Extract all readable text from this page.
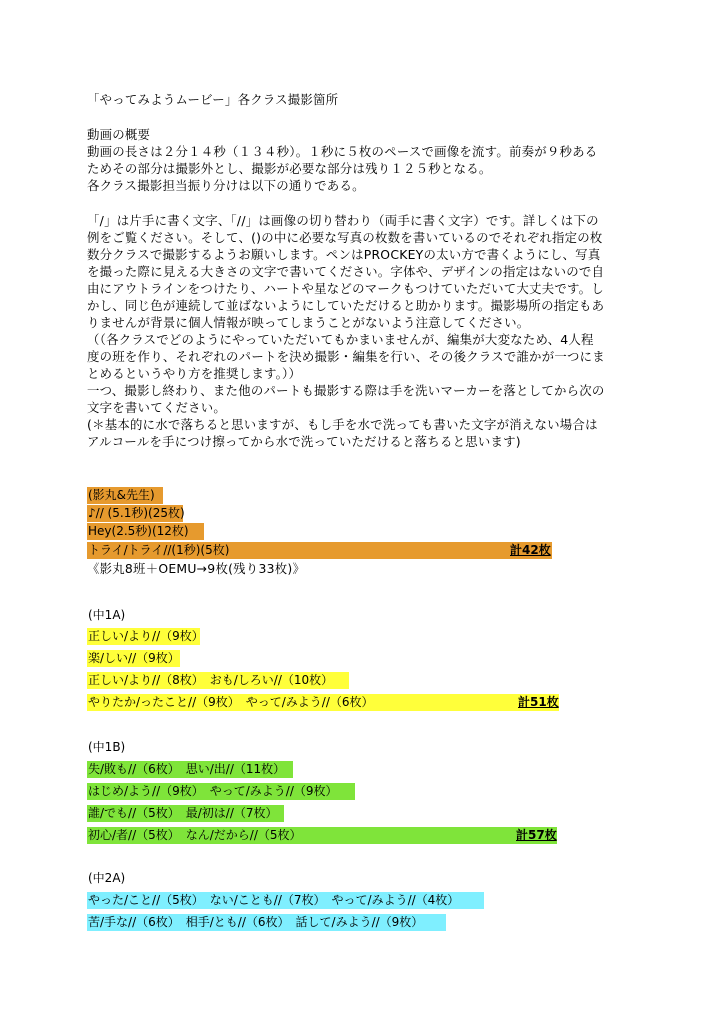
「やってみようムービー」各クラス撮影箇所
動画の概要
動画の長さは２分１４秒（１３４秒）。１秒に５枚のペースで画像を流す。前奏が９秒ある
ためその部分は撮影外とし、撮影が必要な部分は残り１２５秒となる。
各クラス撮影担当振り分けは以下の通りである。
「/」は片手に書く文字、「//」は画像の切り替わり（両手に書く文字）です。詳しくは下の
例をご覧ください。そして、()の中に必要な写真の枚数を書いているのでそれぞれ指定の枚
数分クラスで撮影するようお願いします。ペンはPROCKEYの太い方で書くようにし、写真
を撮った際に見える大きさの文字で書いてください。字体や、デザインの指定はないので自
由にアウトラインをつけたり、ハートや星などのマークもつけていただいて大丈夫です。し
かし、同じ色が連続して並ばないようにしていただけると助かります。撮影場所の指定もあ
りませんが背景に個人情報が映ってしまうことがないよう注意してください。
（（各クラスでどのようにやっていただいてもかまいませんが、編集が大変なため、4人程
度の班を作り、それぞれのパートを決め撮影・編集を行い、その後クラスで誰かが一つにま
とめるというやり方を推奨します。））
一つ、撮影し終わり、また他のパートも撮影する際は手を洗いマーカーを落としてから次の
文字を書いてください。
(＊基本的に水で落ちると思いますが、もし手を水で洗っても書いた文字が消えない場合は
アルコールを手につけ擦ってから水で洗っていただけると落ちると思います)
(影丸&先生)
♪// (5.1秒)(25枚)
Hey(2.5秒)(12枚)
トライ/トライ//(1秒)(5枚)	計42枚
《影丸8班＋OEMU→9枚(残り33枚)》
(中1A)
正しい/より//（9枚）
楽/しい//（9枚）
正しい/より//（8枚）　おも/しろい//（10枚）
やりたか/ったこと//（9枚）　やって/みよう//（6枚）	計51枚
(中1B)
失/敗も//（6枚）　思い/出//（11枚）
はじめ/よう//（9枚）　やって/みよう//（9枚）
誰/でも//（5枚）　最/初は//（7枚）
初心/者//（5枚）　なん/だから//（5枚）	計57枚
(中2A)
やった/こと//（5枚）　ない/ことも//（7枚）　やって/みよう//（4枚）
苦/手な//（6枚）　相手/とも//（6枚）　話して/みよう//（9枚）
